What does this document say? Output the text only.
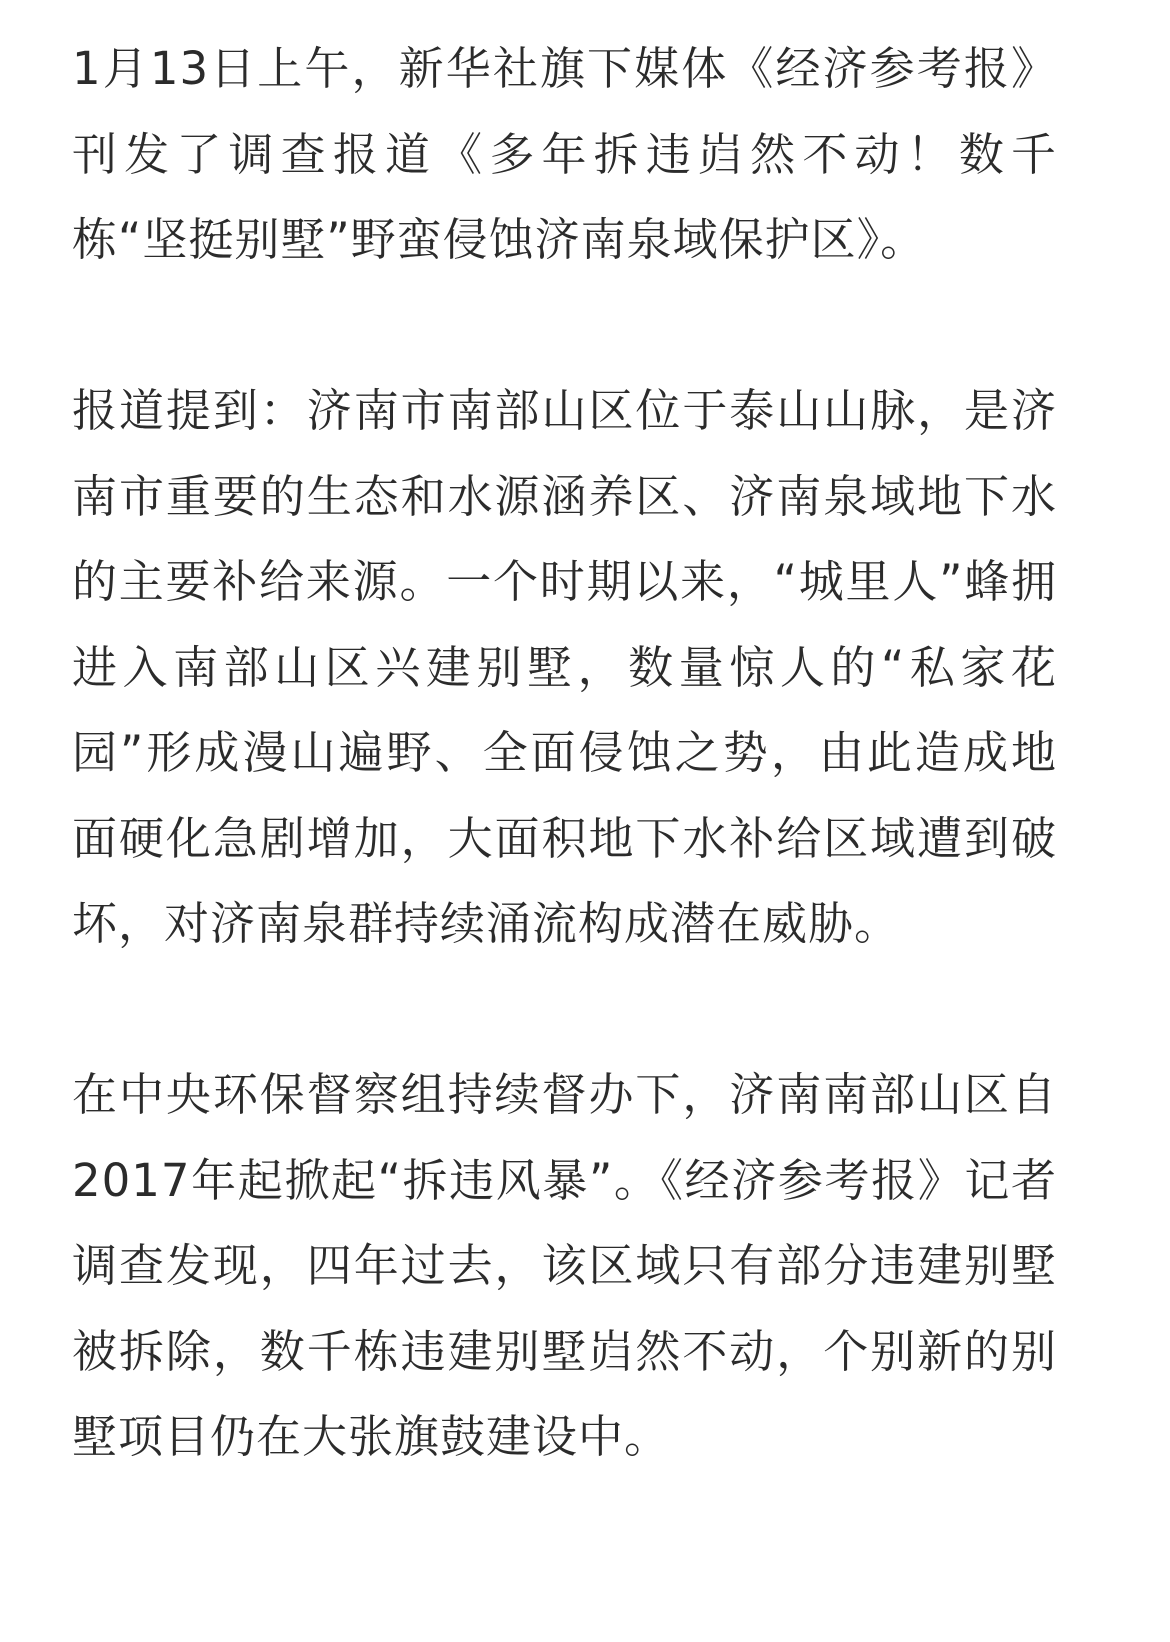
1月13日上午，新华社旗下媒体《经济参考报》刊发了调查报道《多年拆违岿然不动！数千栋“坚挺别墅”野蛮侵蚀济南泉域保护区》。

报道提到：济南市南部山区位于泰山山脉，是济南市重要的生态和水源涵养区、济南泉域地下水的主要补给来源。一个时期以来，“城里人”蜂拥进入南部山区兴建别墅，数量惊人的“私家花园”形成漫山遍野、全面侵蚀之势，由此造成地面硬化急剧增加，大面积地下水补给区域遭到破坏，对济南泉群持续涌流构成潜在威胁。

在中央环保督察组持续督办下，济南南部山区自2017年起掀起“拆违风暴”。《经济参考报》记者调查发现，四年过去，该区域只有部分违建别墅被拆除，数千栋违建别墅岿然不动，个别新的别墅项目仍在大张旗鼓建设中。
